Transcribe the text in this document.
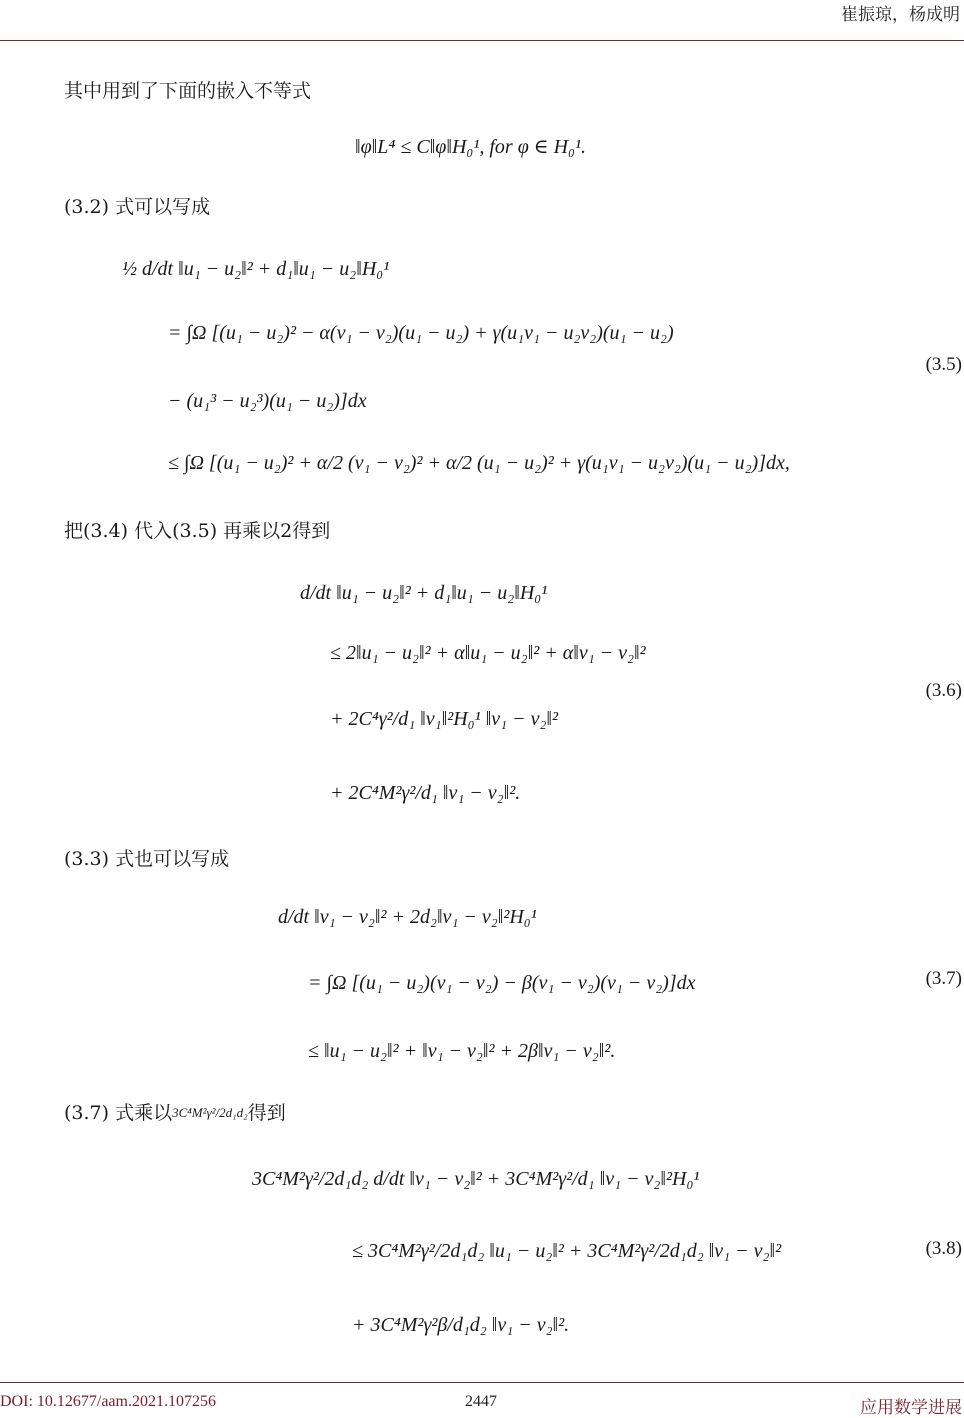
崔振琼，杨成明
其中用到了下面的嵌入不等式
‖φ‖L⁴ ≤ C‖φ‖H₀¹, for φ ∈ H₀¹.
(3.2) 式可以写成
½ d/dt ‖u₁ − u₂‖² + d₁‖u₁ − u₂‖H₀¹
= ∫Ω [(u₁ − u₂)² − α(v₁ − v₂)(u₁ − u₂) + γ(u₁v₁ − u₂v₂)(u₁ − u₂)
− (u₁³ − u₂³)(u₁ − u₂)]dx
≤ ∫Ω [(u₁ − u₂)² + α/2 (v₁ − v₂)² + α/2 (u₁ − u₂)² + γ(u₁v₁ − u₂v₂)(u₁ − u₂)]dx,
(3.5)
把(3.4) 代入(3.5) 再乘以2得到
d/dt ‖u₁ − u₂‖² + d₁‖u₁ − u₂‖H₀¹
≤ 2‖u₁ − u₂‖² + α‖u₁ − u₂‖² + α‖v₁ − v₂‖²
+ 2C⁴γ²/d₁ ‖v₁‖²H₀¹ ‖v₁ − v₂‖²
+ 2C⁴M²γ²/d₁ ‖v₁ − v₂‖².
(3.6)
(3.3) 式也可以写成
d/dt ‖v₁ − v₂‖² + 2d₂‖v₁ − v₂‖²H₀¹
= ∫Ω [(u₁ − u₂)(v₁ − v₂) − β(v₁ − v₂)(v₁ − v₂)]dx
≤ ‖u₁ − u₂‖² + ‖v₁ − v₂‖² + 2β‖v₁ − v₂‖².
(3.7)
(3.7) 式乘以3C⁴M²γ²/2d₁d₂得到
3C⁴M²γ²/2d₁d₂ d/dt ‖v₁ − v₂‖² + 3C⁴M²γ²/d₁ ‖v₁ − v₂‖²H₀¹
≤ 3C⁴M²γ²/2d₁d₂ ‖u₁ − u₂‖² + 3C⁴M²γ²/2d₁d₂ ‖v₁ − v₂‖²
+ 3C⁴M²γ²β/d₁d₂ ‖v₁ − v₂‖².
(3.8)
DOI: 10.12677/aam.2021.107256	2447	应用数学进展
